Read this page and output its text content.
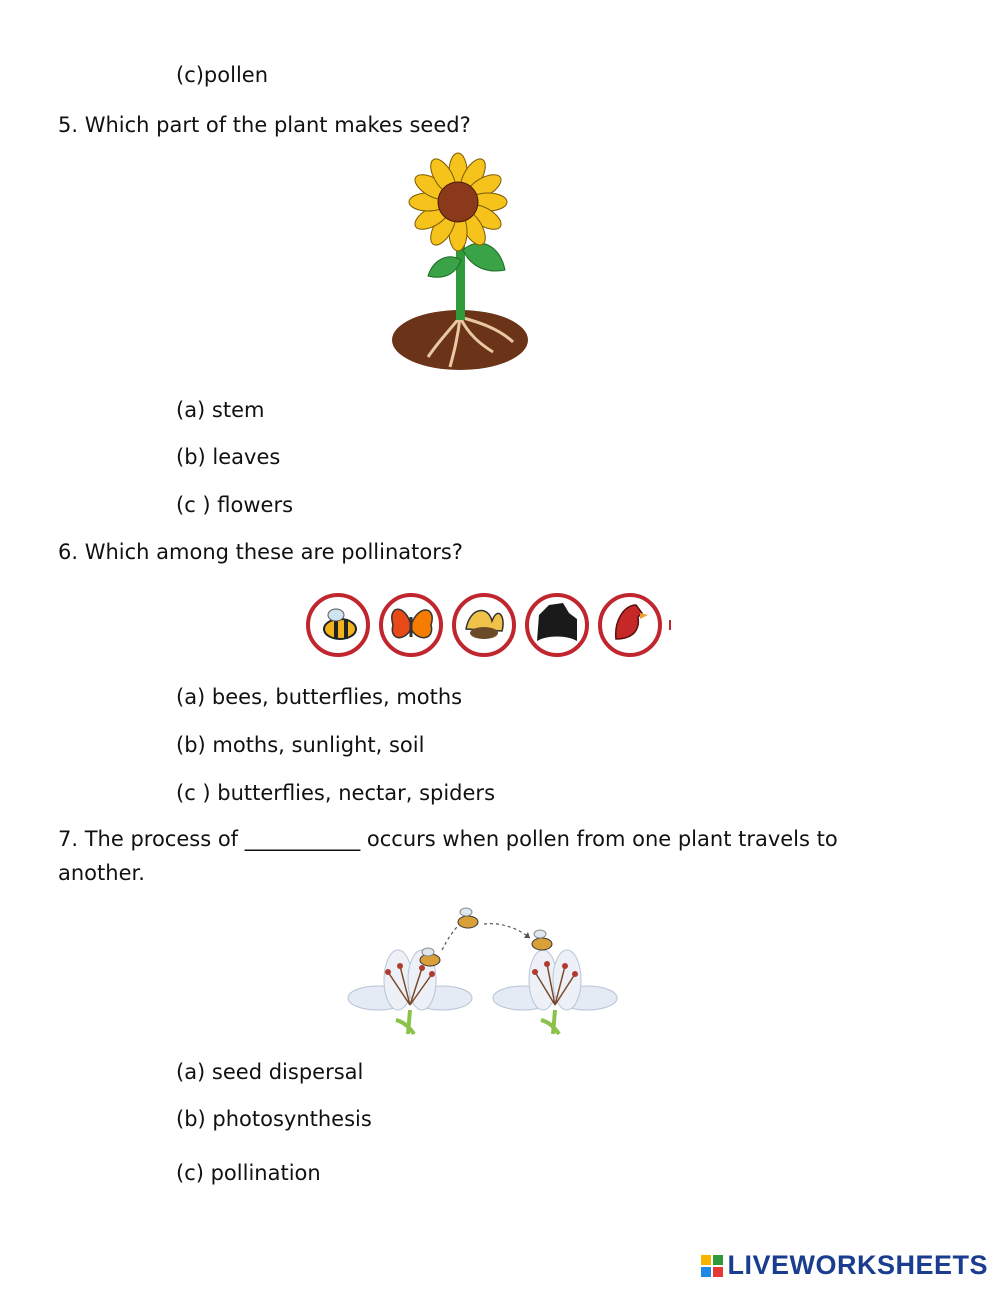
(c)pollen
5. Which part of the plant makes seed?
(a) stem
(b) leaves
(c ) flowers
6. Which among these are pollinators?
(a) bees, butterflies, moths
(b) moths, sunlight, soil
(c ) butterflies, nectar, spiders
7. The process of ___________ occurs when pollen from one plant travels to another.
(a) seed dispersal
(b) photosynthesis
(c) pollination
LIVEWORKSHEETS
